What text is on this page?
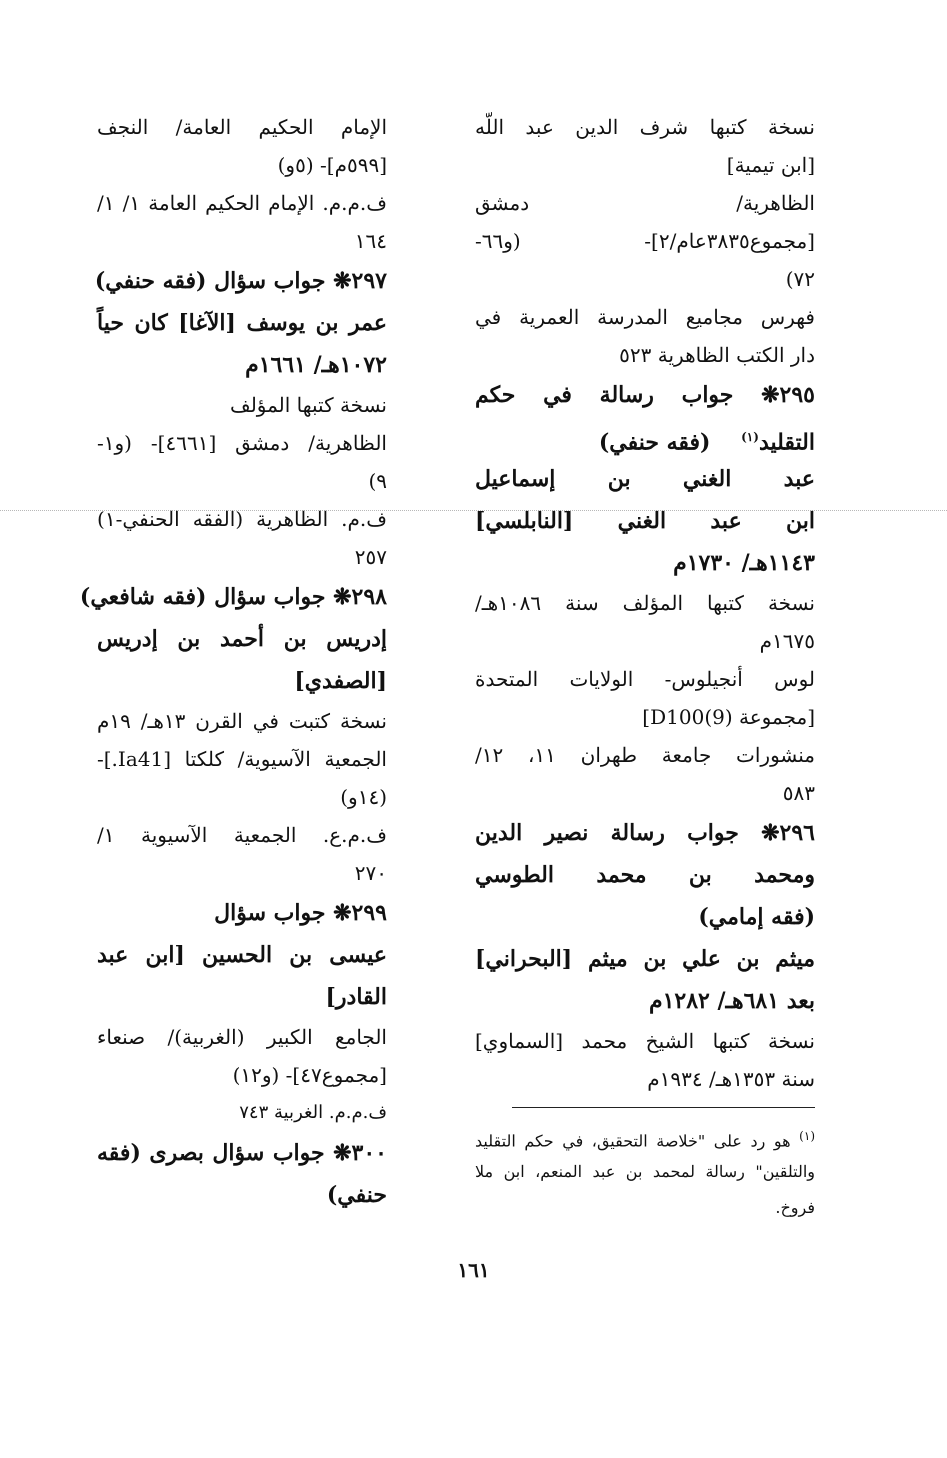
نسخة كتبها شرف الدين عبد اللّه
[ابن تيمية]
الظاهرية/ دمشق
[مجموع٣٨٣٥عام/٢]- (و٦٦-
٧٢)
فهرس مجاميع المدرسة العمرية في
دار الكتب الظاهرية ٥٢٣
٢٩٥❋ جواب رسالة في حكم
التقليد$^{(١)}$    (فقه حنفي)
عبد الغني بن إسماعيل
ابن عبد الغني [النابلسي]
١١٤٣هـ/ ١٧٣٠م
نسخة كتبها المؤلف سنة ١٠٨٦هـ/
١٦٧٥م
لوس أنجيلوس- الولايات المتحدة
[مجموعة D100(9)]
منشورات جامعة طهران ١١، ١٢/
٥٨٣
٢٩٦❋ جواب رسالة نصير الدين
ومحمد بن محمد الطوسي
(فقه إمامي)
ميثم بن علي بن ميثم [البحراني]
بعد ٦٨١هـ/ ١٢٨٢م
نسخة كتبها الشيخ محمد [السماوي]
سنة ١٣٥٣هـ/ ١٩٣٤م
الإمام الحكيم العامة/ النجف
[٥٩٩م]- (٥و)
ف.م.م. الإمام الحكيم العامة ١/ ١/
١٦٤
٢٩٧❋ جواب سؤال (فقه حنفي)
عمر بن يوسف [الآغا] كان حياً
١٠٧٢هـ/ ١٦٦١م
نسخة كتبها المؤلف
الظاهرية/ دمشق [٤٦٦١]- (و١-
٩)
ف.م. الظاهرية (الفقه الحنفي-١)
٢٥٧
٢٩٨❋ جواب سؤال (فقه شافعي)
إدريس بن أحمد بن إدريس
[الصفدي]
نسخة كتبت في القرن ١٣هـ/ ١٩م
الجمعية الآسيوية/ كلكتا [Ia41.]-
(١٤و)
ف.م.ع. الجمعية الآسيوية ١/
٢٧٠
٢٩٩❋ جواب سؤال
عيسى بن الحسين [ابن عبد
القادر]
الجامع الكبير (الغربية)/ صنعاء
[مجموع٤٧]- (و١٢)
ف.م.م. الغربية ٧٤٣
٣٠٠❋ جواب سؤال بصرى (فقه
حنفي)
$^{(١)}$ هو رد على "خلاصة التحقيق، في حكم التقليد
والتلقين" رسالة لمحمد بن عبد المنعم، ابن ملا
فروخ.
١٦١
